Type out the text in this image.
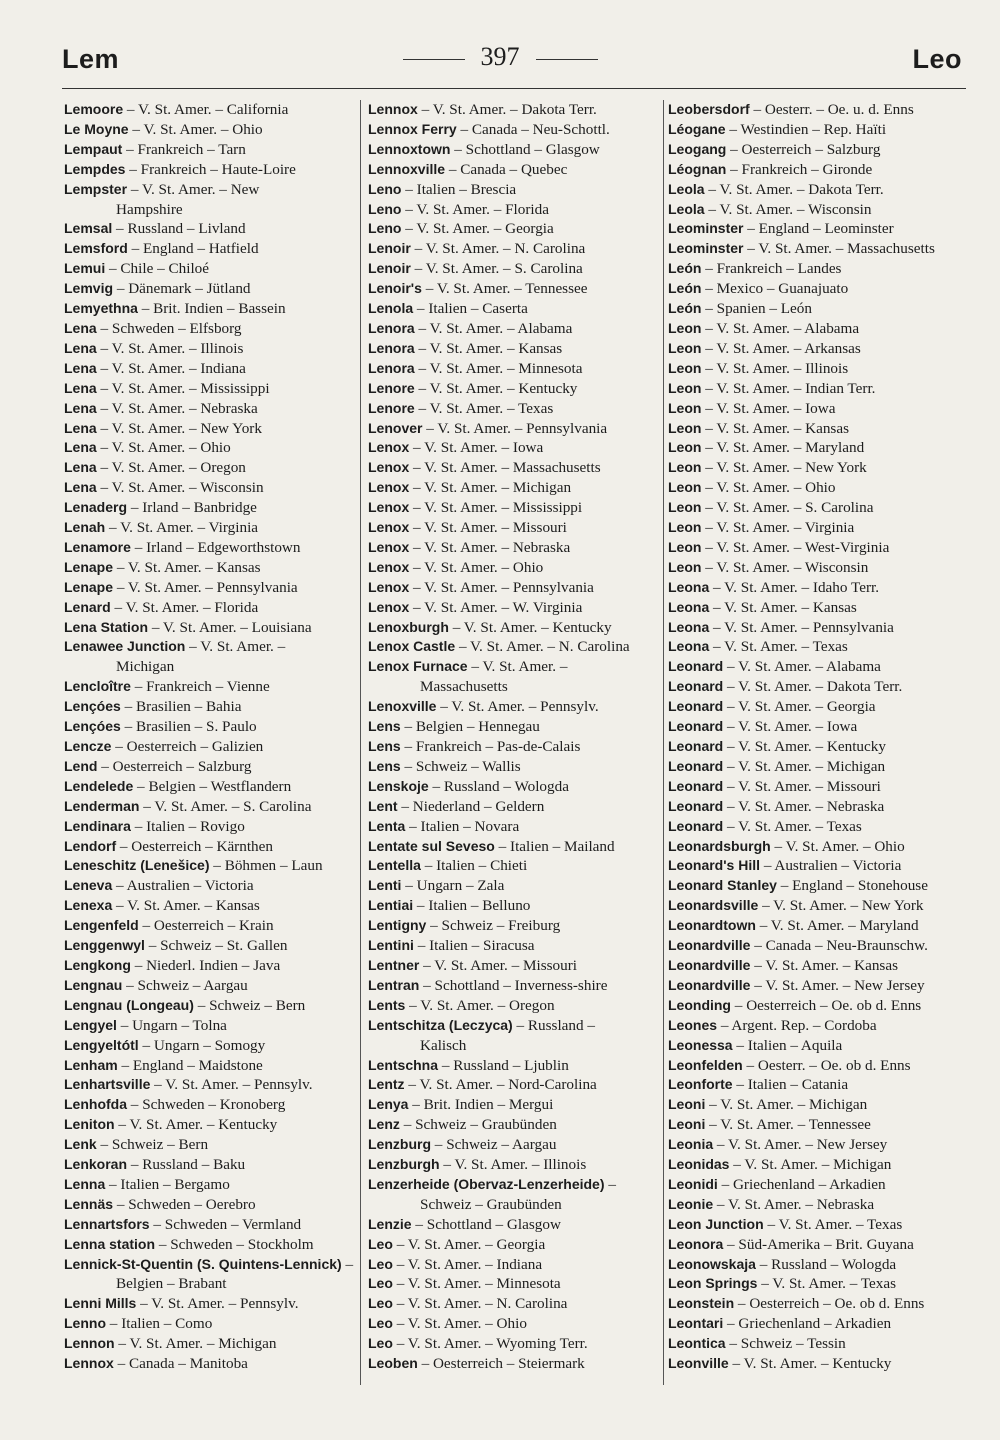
Lem	397	Leo
Lemoore – V. St. Amer. – California
Le Moyne – V. St. Amer. – Ohio
Lempaut – Frankreich – Tarn
Lempdes – Frankreich – Haute-Loire
Lempster – V. St. Amer. – New
Hampshire
Lemsal – Russland – Livland
Lemsford – England – Hatfield
Lemui – Chile – Chiloé
Lemvig – Dänemark – Jütland
Lemyethna – Brit. Indien – Bassein
Lena – Schweden – Elfsborg
Lena – V. St. Amer. – Illinois
Lena – V. St. Amer. – Indiana
Lena – V. St. Amer. – Mississippi
Lena – V. St. Amer. – Nebraska
Lena – V. St. Amer. – New York
Lena – V. St. Amer. – Ohio
Lena – V. St. Amer. – Oregon
Lena – V. St. Amer. – Wisconsin
Lenaderg – Irland – Banbridge
Lenah – V. St. Amer. – Virginia
Lenamore – Irland – Edgeworthstown
Lenape – V. St. Amer. – Kansas
Lenape – V. St. Amer. – Pennsylvania
Lenard – V. St. Amer. – Florida
Lena Station – V. St. Amer. – Louisiana
Lenawee Junction – V. St. Amer. –
Michigan
Lencloître – Frankreich – Vienne
Lençóes – Brasilien – Bahia
Lençóes – Brasilien – S. Paulo
Lencze – Oesterreich – Galizien
Lend – Oesterreich – Salzburg
Lendelede – Belgien – Westflandern
Lenderman – V. St. Amer. – S. Carolina
Lendinara – Italien – Rovigo
Lendorf – Oesterreich – Kärnthen
Leneschitz (Lenešice) – Böhmen – Laun
Leneva – Australien – Victoria
Lenexa – V. St. Amer. – Kansas
Lengenfeld – Oesterreich – Krain
Lenggenwyl – Schweiz – St. Gallen
Lengkong – Niederl. Indien – Java
Lengnau – Schweiz – Aargau
Lengnau (Longeau) – Schweiz – Bern
Lengyel – Ungarn – Tolna
Lengyeltótl – Ungarn – Somogy
Lenham – England – Maidstone
Lenhartsville – V. St. Amer. – Pennsylv.
Lenhofda – Schweden – Kronoberg
Leniton – V. St. Amer. – Kentucky
Lenk – Schweiz – Bern
Lenkoran – Russland – Baku
Lenna – Italien – Bergamo
Lennäs – Schweden – Oerebro
Lennartsfors – Schweden – Vermland
Lenna station – Schweden – Stockholm
Lennick-St-Quentin (S. Quintens-Lennick) –
Belgien – Brabant
Lenni Mills – V. St. Amer. – Pennsylv.
Lenno – Italien – Como
Lennon – V. St. Amer. – Michigan
Lennox – Canada – Manitoba
Lennox – V. St. Amer. – Dakota Terr.
Lennox Ferry – Canada – Neu-Schottl.
Lennoxtown – Schottland – Glasgow
Lennoxville – Canada – Quebec
Leno – Italien – Brescia
Leno – V. St. Amer. – Florida
Leno – V. St. Amer. – Georgia
Lenoir – V. St. Amer. – N. Carolina
Lenoir – V. St. Amer. – S. Carolina
Lenoir's – V. St. Amer. – Tennessee
Lenola – Italien – Caserta
Lenora – V. St. Amer. – Alabama
Lenora – V. St. Amer. – Kansas
Lenora – V. St. Amer. – Minnesota
Lenore – V. St. Amer. – Kentucky
Lenore – V. St. Amer. – Texas
Lenover – V. St. Amer. – Pennsylvania
Lenox – V. St. Amer. – Iowa
Lenox – V. St. Amer. – Massachusetts
Lenox – V. St. Amer. – Michigan
Lenox – V. St. Amer. – Mississippi
Lenox – V. St. Amer. – Missouri
Lenox – V. St. Amer. – Nebraska
Lenox – V. St. Amer. – Ohio
Lenox – V. St. Amer. – Pennsylvania
Lenox – V. St. Amer. – W. Virginia
Lenoxburgh – V. St. Amer. – Kentucky
Lenox Castle – V. St. Amer. – N. Carolina
Lenox Furnace – V. St. Amer. –
Massachusetts
Lenoxville – V. St. Amer. – Pennsylv.
Lens – Belgien – Hennegau
Lens – Frankreich – Pas-de-Calais
Lens – Schweiz – Wallis
Lenskoje – Russland – Wologda
Lent – Niederland – Geldern
Lenta – Italien – Novara
Lentate sul Seveso – Italien – Mailand
Lentella – Italien – Chieti
Lenti – Ungarn – Zala
Lentiai – Italien – Belluno
Lentigny – Schweiz – Freiburg
Lentini – Italien – Siracusa
Lentner – V. St. Amer. – Missouri
Lentran – Schottland – Inverness-shire
Lents – V. St. Amer. – Oregon
Lentschitza (Leczyca) – Russland –
Kalisch
Lentschna – Russland – Ljublin
Lentz – V. St. Amer. – Nord-Carolina
Lenya – Brit. Indien – Mergui
Lenz – Schweiz – Graubünden
Lenzburg – Schweiz – Aargau
Lenzburgh – V. St. Amer. – Illinois
Lenzerheide (Obervaz-Lenzerheide) –
Schweiz – Graubünden
Lenzie – Schottland – Glasgow
Leo – V. St. Amer. – Georgia
Leo – V. St. Amer. – Indiana
Leo – V. St. Amer. – Minnesota
Leo – V. St. Amer. – N. Carolina
Leo – V. St. Amer. – Ohio
Leo – V. St. Amer. – Wyoming Terr.
Leoben – Oesterreich – Steiermark
Leobersdorf – Oesterr. – Oe. u. d. Enns
Léogane – Westindien – Rep. Haïti
Leogang – Oesterreich – Salzburg
Léognan – Frankreich – Gironde
Leola – V. St. Amer. – Dakota Terr.
Leola – V. St. Amer. – Wisconsin
Leominster – England – Leominster
Leominster – V. St. Amer. – Massachusetts
León – Frankreich – Landes
León – Mexico – Guanajuato
León – Spanien – León
Leon – V. St. Amer. – Alabama
Leon – V. St. Amer. – Arkansas
Leon – V. St. Amer. – Illinois
Leon – V. St. Amer. – Indian Terr.
Leon – V. St. Amer. – Iowa
Leon – V. St. Amer. – Kansas
Leon – V. St. Amer. – Maryland
Leon – V. St. Amer. – New York
Leon – V. St. Amer. – Ohio
Leon – V. St. Amer. – S. Carolina
Leon – V. St. Amer. – Virginia
Leon – V. St. Amer. – West-Virginia
Leon – V. St. Amer. – Wisconsin
Leona – V. St. Amer. – Idaho Terr.
Leona – V. St. Amer. – Kansas
Leona – V. St. Amer. – Pennsylvania
Leona – V. St. Amer. – Texas
Leonard – V. St. Amer. – Alabama
Leonard – V. St. Amer. – Dakota Terr.
Leonard – V. St. Amer. – Georgia
Leonard – V. St. Amer. – Iowa
Leonard – V. St. Amer. – Kentucky
Leonard – V. St. Amer. – Michigan
Leonard – V. St. Amer. – Missouri
Leonard – V. St. Amer. – Nebraska
Leonard – V. St. Amer. – Texas
Leonardsburgh – V. St. Amer. – Ohio
Leonard's Hill – Australien – Victoria
Leonard Stanley – England – Stonehouse
Leonardsville – V. St. Amer. – New York
Leonardtown – V. St. Amer. – Maryland
Leonardville – Canada – Neu-Braunschw.
Leonardville – V. St. Amer. – Kansas
Leonardville – V. St. Amer. – New Jersey
Leonding – Oesterreich – Oe. ob d. Enns
Leones – Argent. Rep. – Cordoba
Leonessa – Italien – Aquila
Leonfelden – Oesterr. – Oe. ob d. Enns
Leonforte – Italien – Catania
Leoni – V. St. Amer. – Michigan
Leoni – V. St. Amer. – Tennessee
Leonia – V. St. Amer. – New Jersey
Leonidas – V. St. Amer. – Michigan
Leonidi – Griechenland – Arkadien
Leonie – V. St. Amer. – Nebraska
Leon Junction – V. St. Amer. – Texas
Leonora – Süd-Amerika – Brit. Guyana
Leonowskaja – Russland – Wologda
Leon Springs – V. St. Amer. – Texas
Leonstein – Oesterreich – Oe. ob d. Enns
Leontari – Griechenland – Arkadien
Leontica – Schweiz – Tessin
Leonville – V. St. Amer. – Kentucky
